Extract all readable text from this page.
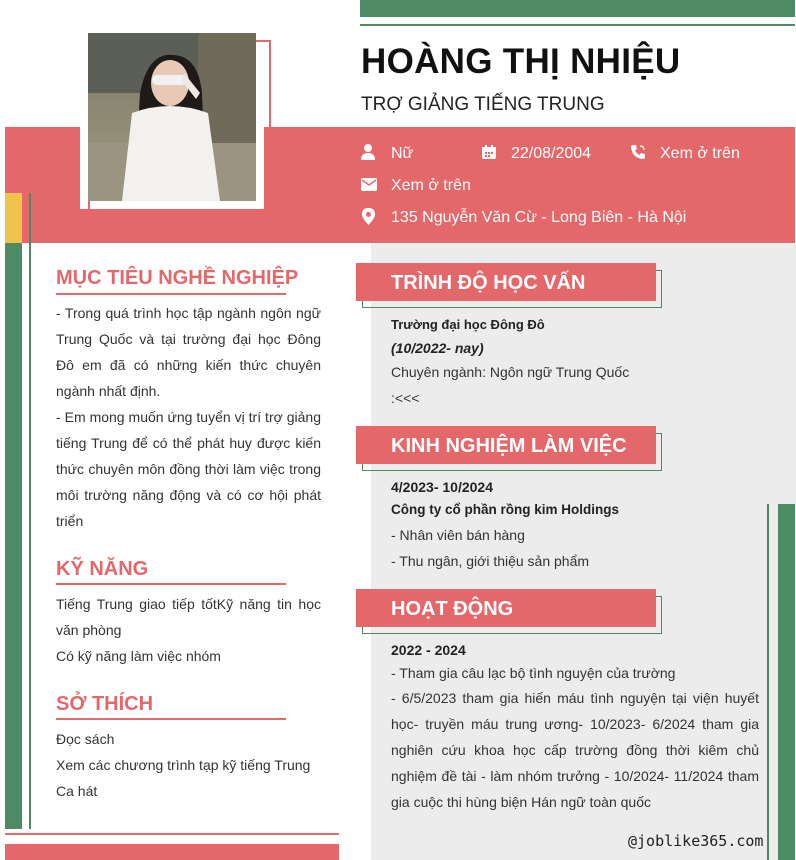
HOÀNG THỊ NHIỆU
TRỢ GIẢNG TIẾNG TRUNG
Nữ	22/08/2004	Xem ở trên
Xem ở trên
135 Nguyễn Văn Cừ - Long Biên - Hà Nội
MỤC TIÊU NGHỀ NGHIỆP
- Trong quá trình học tập ngành ngôn ngữ Trung Quốc và tại trường đại học Đông Đô em đã có những kiến thức chuyên ngành nhất định.
- Em mong muốn ứng tuyển vị trí trợ giảng tiếng Trung để có thể phát huy được kiến thức chuyên môn đồng thời làm việc trong môi trường năng động và có cơ hội phát triển
KỸ NĂNG
Tiếng Trung giao tiếp tốtKỹ năng tin học văn phòng
Có kỹ năng làm việc nhóm
SỞ THÍCH
Đọc sách
Xem các chương trình tạp kỹ tiếng Trung
Ca hát
TRÌNH ĐỘ HỌC VẤN
Trường đại học Đông Đô
(10/2022- nay)
Chuyên ngành: Ngôn ngữ Trung Quốc
:<<<
KINH NGHIỆM LÀM VIỆC
4/2023- 10/2024
Công ty cổ phần rồng kim Holdings
- Nhân viên bán hàng
- Thu ngân, giới thiệu sản phẩm
HOẠT ĐỘNG
2022 - 2024
- Tham gia câu lạc bộ tình nguyện của trường
- 6/5/2023 tham gia hiến máu tình nguyện tại viện huyết học- truyền máu trung ương- 10/2023- 6/2024 tham gia nghiên cứu khoa học cấp trường đồng thời kiêm chủ nghiệm đề tài - làm nhóm trưởng - 10/2024- 11/2024 tham gia cuộc thi hùng biện Hán ngữ toàn quốc
@joblike365.com
